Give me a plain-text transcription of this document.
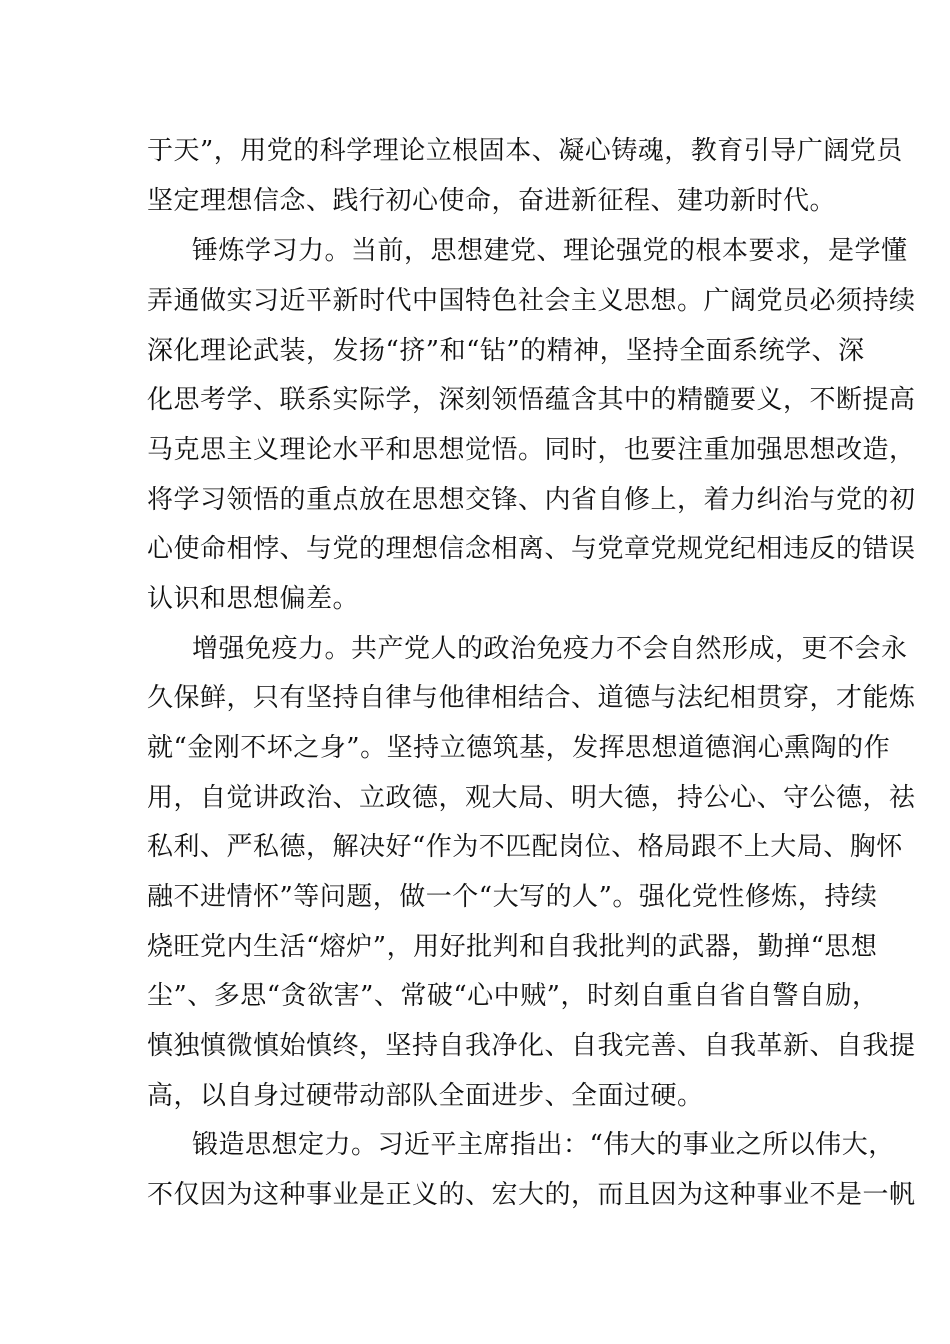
于天”，用党的科学理论立根固本、凝心铸魂，教育引导广阔党员
坚定理想信念、践行初心使命，奋进新征程、建功新时代。
锤炼学习力。当前，思想建党、理论强党的根本要求，是学懂
弄通做实习近平新时代中国特色社会主义思想。广阔党员必须持续
深化理论武装，发扬“挤”和“钻”的精神，坚持全面系统学、深
化思考学、联系实际学，深刻领悟蕴含其中的精髓要义，不断提高
马克思主义理论水平和思想觉悟。同时，也要注重加强思想改造，
将学习领悟的重点放在思想交锋、内省自修上，着力纠治与党的初
心使命相悖、与党的理想信念相离、与党章党规党纪相违反的错误
认识和思想偏差。
增强免疫力。共产党人的政治免疫力不会自然形成，更不会永
久保鲜，只有坚持自律与他律相结合、道德与法纪相贯穿，才能炼
就“金刚不坏之身”。坚持立德筑基，发挥思想道德润心熏陶的作
用，自觉讲政治、立政德，观大局、明大德，持公心、守公德，祛
私利、严私德，解决好“作为不匹配岗位、格局跟不上大局、胸怀
融不进情怀”等问题，做一个“大写的人”。强化党性修炼，持续
烧旺党内生活“熔炉”，用好批判和自我批判的武器，勤掸“思想
尘”、多思“贪欲害”、常破“心中贼”，时刻自重自省自警自励，
慎独慎微慎始慎终，坚持自我净化、自我完善、自我革新、自我提
高，以自身过硬带动部队全面进步、全面过硬。
锻造思想定力。习近平主席指出：“伟大的事业之所以伟大，
不仅因为这种事业是正义的、宏大的，而且因为这种事业不是一帆
